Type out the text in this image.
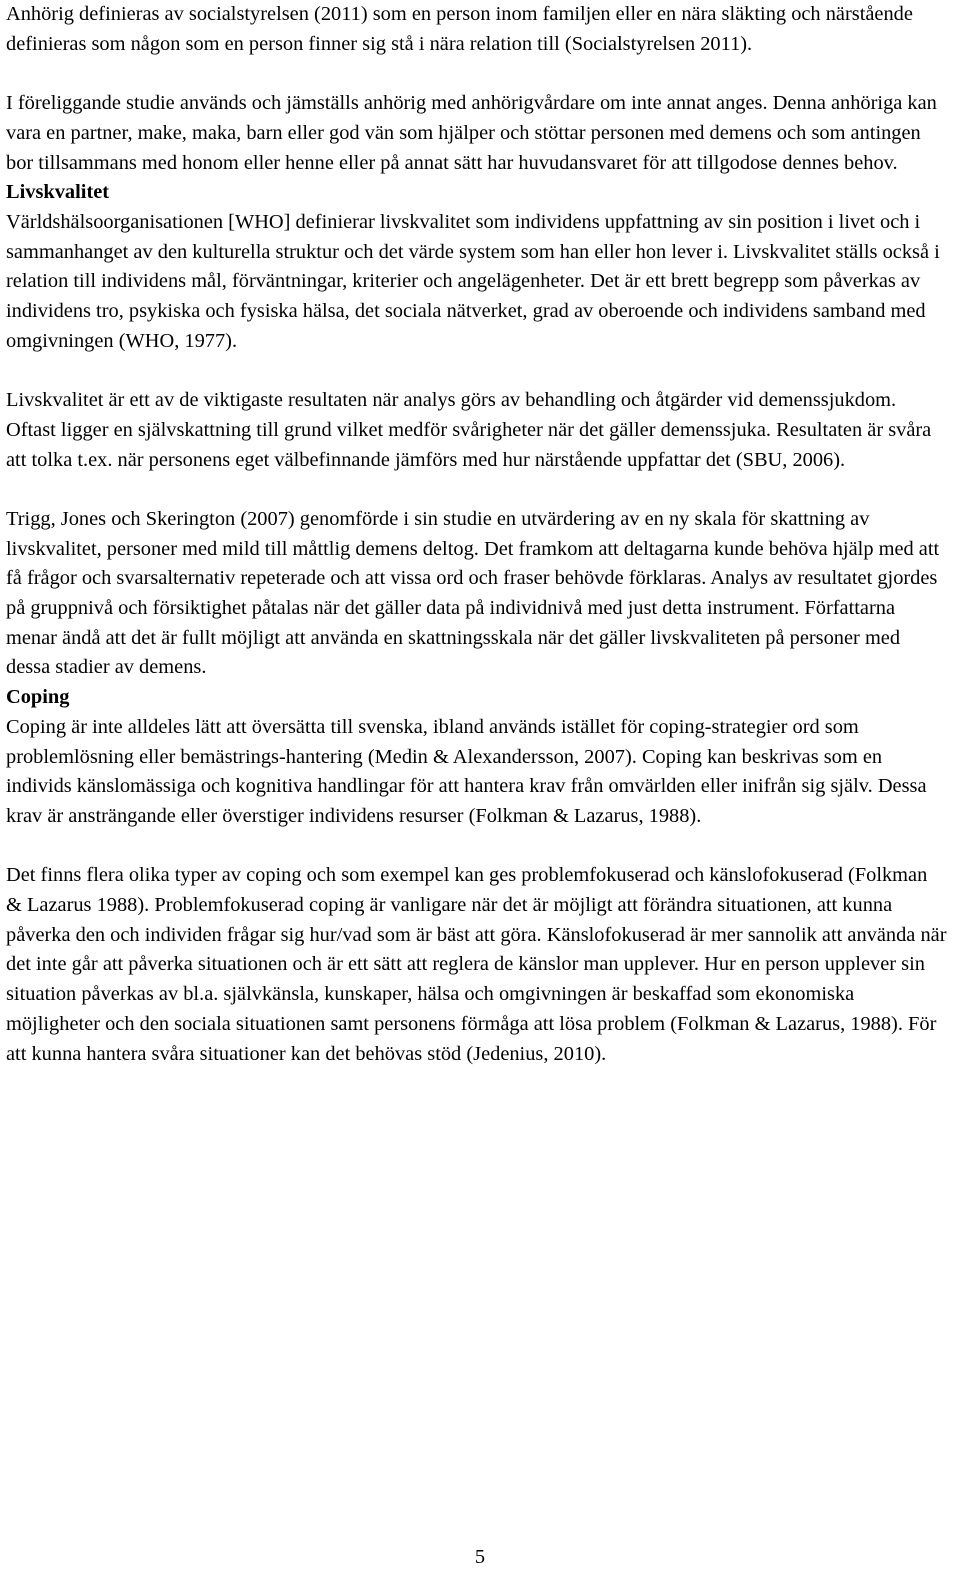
Anhörig definieras av socialstyrelsen (2011) som en person inom familjen eller en nära släkting och närstående definieras som någon som en person finner sig stå i nära relation till (Socialstyrelsen 2011).

I föreliggande studie används och jämställs anhörig med anhörigvårdare om inte annat anges. Denna anhöriga kan vara en partner, make, maka, barn eller god vän som hjälper och stöttar personen med demens och som antingen bor tillsammans med honom eller henne eller på annat sätt har huvudansvaret för att tillgodose dennes behov.

Livskvalitet

Världshälsoorganisationen [WHO] definierar livskvalitet som individens uppfattning av sin position i livet och i sammanhanget av den kulturella struktur och det värde system som han eller hon lever i. Livskvalitet ställs också i relation till individens mål, förväntningar, kriterier och angelägenheter. Det är ett brett begrepp som påverkas av individens tro, psykiska och fysiska hälsa, det sociala nätverket, grad av oberoende och individens samband med omgivningen (WHO, 1977).

Livskvalitet är ett av de viktigaste resultaten när analys görs av behandling och åtgärder vid demenssjukdom. Oftast ligger en självskattning till grund vilket medför svårigheter när det gäller demenssjuka. Resultaten är svåra att tolka t.ex. när personens eget välbefinnande jämförs med hur närstående uppfattar det (SBU, 2006).

Trigg, Jones och Skerington (2007) genomförde i sin studie en utvärdering av en ny skala för skattning av livskvalitet, personer med mild till måttlig demens deltog. Det framkom att deltagarna kunde behöva hjälp med att få frågor och svarsalternativ repeterade och att vissa ord och fraser behövde förklaras. Analys av resultatet gjordes på gruppnivå och försiktighet påtalas när det gäller data på individnivå med just detta instrument. Författarna menar ändå att det är fullt möjligt att använda en skattningsskala när det gäller livskvaliteten på personer med dessa stadier av demens.

Coping

Coping är inte alldeles lätt att översätta till svenska, ibland används istället för coping-strategier ord som problemlösning eller bemästrings-hantering (Medin & Alexandersson, 2007). Coping kan beskrivas som en individs känslomässiga och kognitiva handlingar för att hantera krav från omvärlden eller inifrån sig själv. Dessa krav är ansträngande eller överstiger individens resurser (Folkman & Lazarus, 1988).

Det finns flera olika typer av coping och som exempel kan ges problemfokuserad och känslofokuserad (Folkman & Lazarus 1988). Problemfokuserad coping är vanligare när det är möjligt att förändra situationen, att kunna påverka den och individen frågar sig hur/vad som är bäst att göra. Känslofokuserad är mer sannolik att använda när det inte går att påverka situationen och är ett sätt att reglera de känslor man upplever. Hur en person upplever sin situation påverkas av bl.a. självkänsla, kunskaper, hälsa och omgivningen är beskaffad som ekonomiska möjligheter och den sociala situationen samt personens förmåga att lösa problem (Folkman & Lazarus, 1988). För att kunna hantera svåra situationer kan det behövas stöd (Jedenius, 2010).

5
